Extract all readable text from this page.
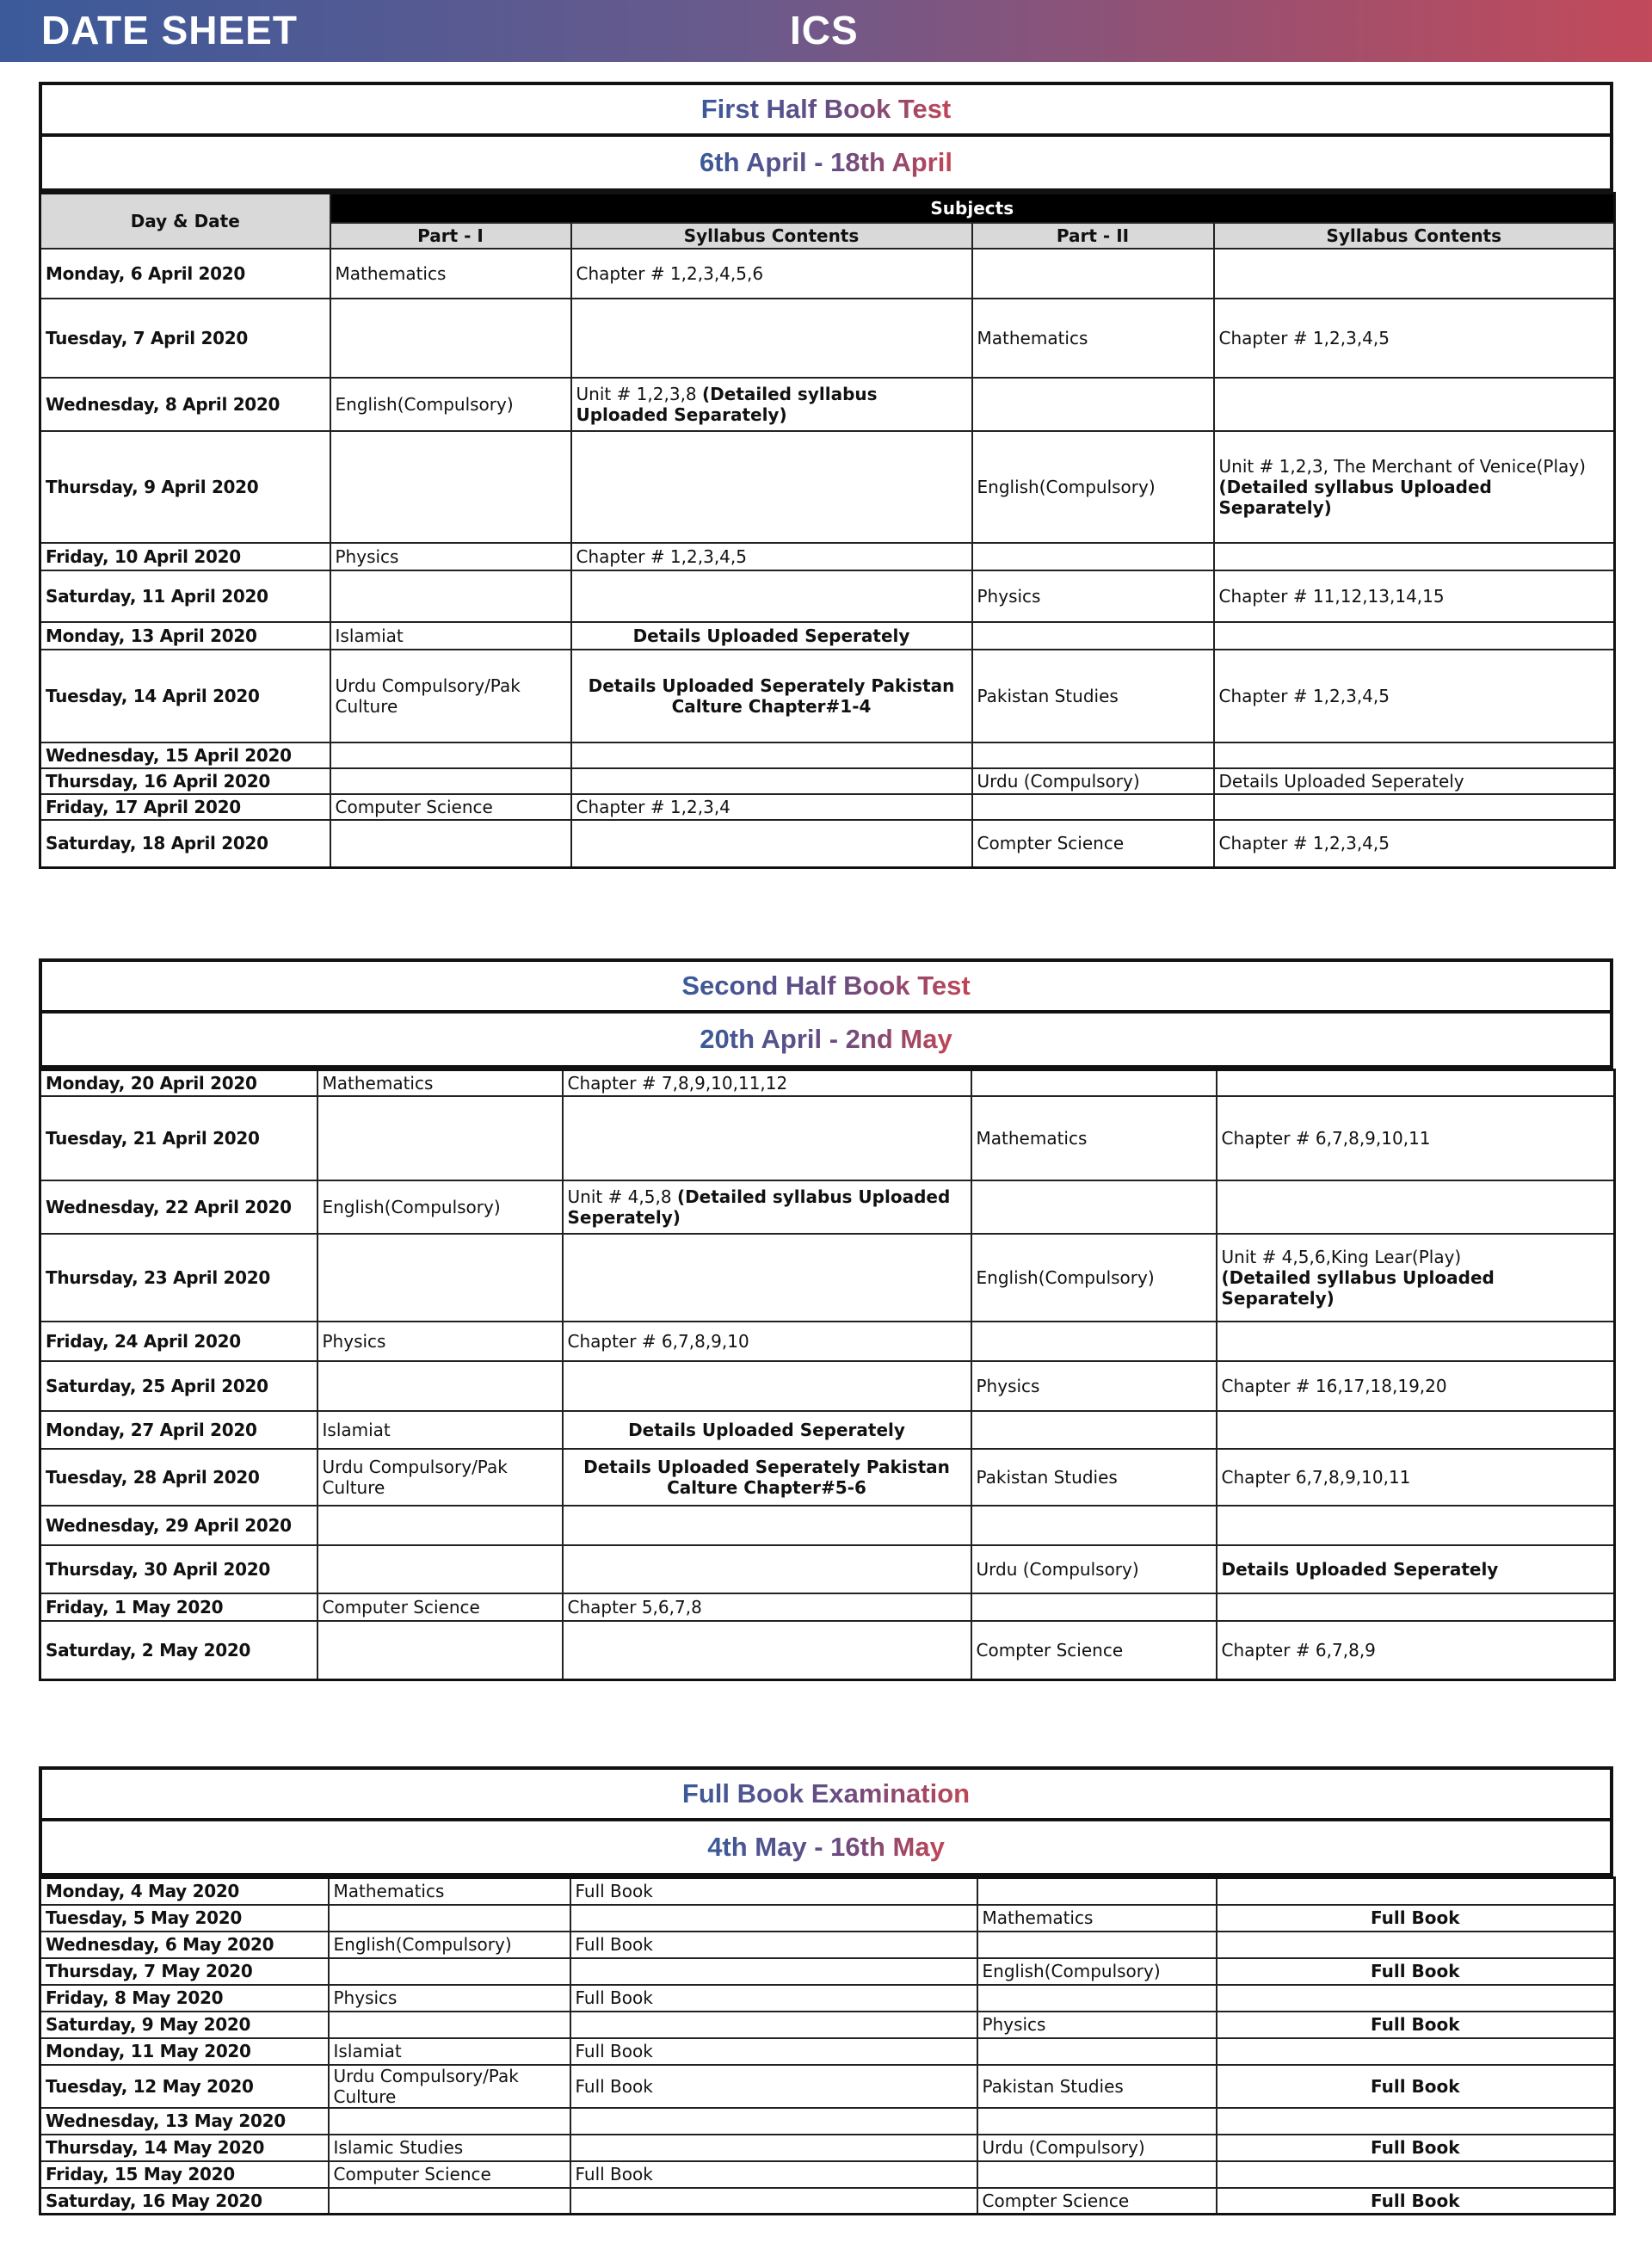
DATE SHEET	ICS
First Half Book Test
6th April - 18th April
Day & Date	Subjects			
	Part - I	Syllabus Contents	Part - II	Syllabus Contents
Monday, 6 April 2020	Mathematics	Chapter # 1,2,3,4,5,6		
Tuesday, 7 April 2020			Mathematics	Chapter # 1,2,3,4,5
Wednesday, 8 April 2020	English(Compulsory)	Unit # 1,2,3,8 (Detailed syllabus Uploaded Separately)		
Thursday, 9 April 2020			English(Compulsory)	Unit # 1,2,3, The Merchant of Venice(Play)
(Detailed syllabus Uploaded Separately)
Friday, 10 April 2020	Physics	Chapter # 1,2,3,4,5		
Saturday, 11 April 2020			Physics	Chapter # 11,12,13,14,15
Monday, 13 April 2020	Islamiat	Details Uploaded Seperately		
Tuesday, 14 April 2020	Urdu Compulsory/Pak Culture	Details Uploaded Seperately Pakistan Calture Chapter#1-4	Pakistan Studies	Chapter # 1,2,3,4,5
Wednesday, 15 April 2020				
Thursday, 16 April 2020			Urdu (Compulsory)	Details Uploaded Seperately
Friday, 17 April 2020	Computer Science	Chapter # 1,2,3,4		
Saturday, 18 April 2020			Compter Science	Chapter # 1,2,3,4,5
Second Half Book Test
20th April - 2nd May
Monday, 20 April 2020	Mathematics	Chapter # 7,8,9,10,11,12		
Tuesday, 21 April 2020			Mathematics	Chapter # 6,7,8,9,10,11
Wednesday, 22 April 2020	English(Compulsory)	Unit # 4,5,8 (Detailed syllabus Uploaded Seperately)		
Thursday, 23 April 2020			English(Compulsory)	Unit # 4,5,6,King Lear(Play)
(Detailed syllabus Uploaded Separately)
Friday, 24 April 2020	Physics	Chapter # 6,7,8,9,10		
Saturday, 25 April 2020			Physics	Chapter # 16,17,18,19,20
Monday, 27 April 2020	Islamiat	Details Uploaded Seperately		
Tuesday, 28 April 2020	Urdu Compulsory/Pak Culture	Details Uploaded Seperately Pakistan Calture Chapter#5-6	Pakistan Studies	Chapter 6,7,8,9,10,11
Wednesday, 29 April 2020				
Thursday, 30 April 2020			Urdu (Compulsory)	Details Uploaded Seperately
Friday, 1 May 2020	Computer Science	Chapter 5,6,7,8		
Saturday, 2 May 2020			Compter Science	Chapter # 6,7,8,9
Full Book Examination
4th May - 16th May
Monday, 4 May 2020	Mathematics	Full Book		
Tuesday, 5 May 2020			Mathematics	Full Book
Wednesday, 6 May 2020	English(Compulsory)	Full Book		
Thursday, 7 May 2020			English(Compulsory)	Full Book
Friday, 8 May 2020	Physics	Full Book		
Saturday, 9 May 2020			Physics	Full Book
Monday, 11 May 2020	Islamiat	Full Book		
Tuesday, 12 May 2020	Urdu Compulsory/Pak Culture	Full Book	Pakistan Studies	Full Book
Wednesday, 13 May 2020				
Thursday, 14 May 2020	Islamic Studies		Urdu (Compulsory)	Full Book
Friday, 15 May 2020	Computer Science	Full Book		
Saturday, 16 May 2020			Compter Science	Full Book
